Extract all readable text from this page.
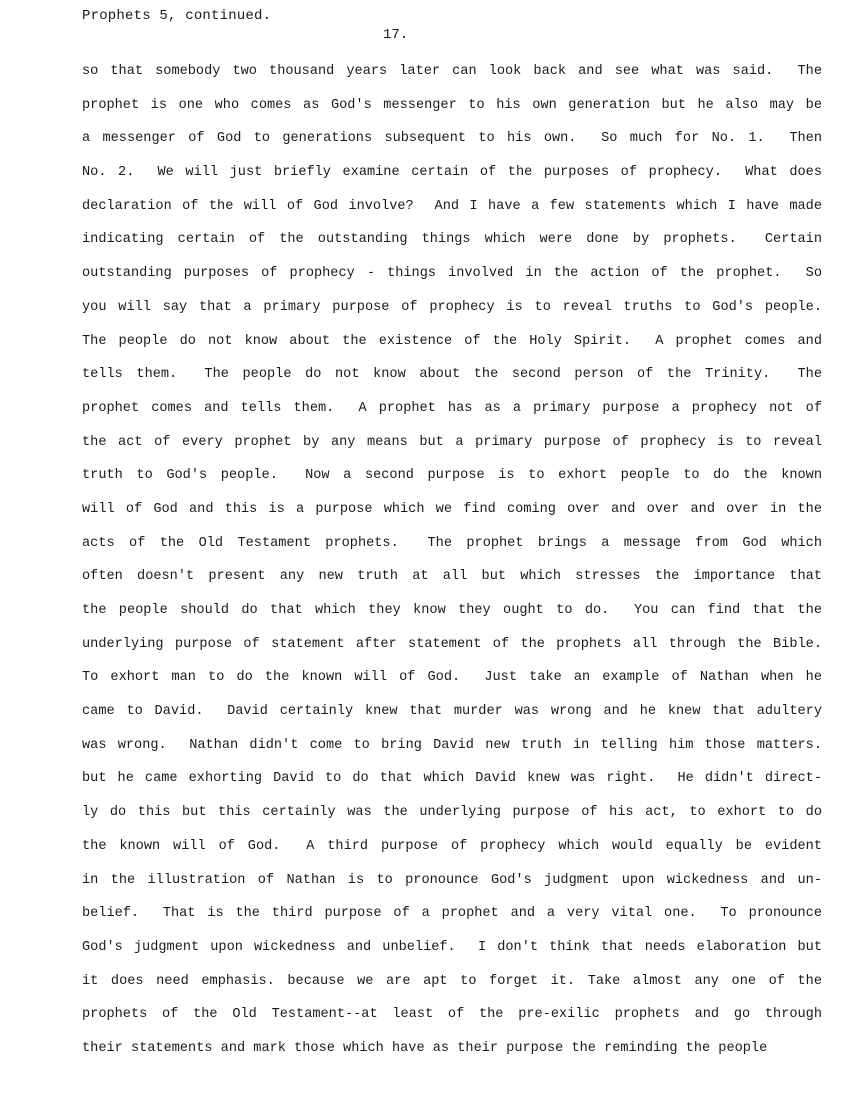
Prophets 5, continued.
17.
so that somebody two thousand years later can look back and see what was said.  The
prophet is one who comes as God's messenger to his own generation but he also may be
a messenger of God to generations subsequent to his own.  So much for No. 1.  Then
No. 2.  We will just briefly examine certain of the purposes of prophecy.  What does
declaration of the will of God involve?  And I have a few statements which I have made
indicating certain of the outstanding things which were done by prophets.  Certain
outstanding purposes of prophecy - things involved in the action of the prophet.  So
you will say that a primary purpose of prophecy is to reveal truths to God's people.
The people do not know about the existence of the Holy Spirit.  A prophet comes and
tells them.  The people do not know about the second person of the Trinity.  The
prophet comes and tells them.  A prophet has as a primary purpose a prophecy not of
the act of every prophet by any means but a primary purpose of prophecy is to reveal
truth to God's people.  Now a second purpose is to exhort people to do the known
will of God and this is a purpose which we find coming over and over and over in the
acts of the Old Testament prophets.  The prophet brings a message from God which
often doesn't present any new truth at all but which stresses the importance that
the people should do that which they know they ought to do.  You can find that the
underlying purpose of statement after statement of the prophets all through the Bible.
To exhort man to do the known will of God.  Just take an example of Nathan when he
came to David.  David certainly knew that murder was wrong and he knew that adultery
was wrong.  Nathan didn't come to bring David new truth in telling him those matters.
but he came exhorting David to do that which David knew was right.  He didn't direct-
ly do this but this certainly was the underlying purpose of his act, to exhort to do
the known will of God.  A third purpose of prophecy which would equally be evident
in the illustration of Nathan is to pronounce God's judgment upon wickedness and un-
belief.  That is the third purpose of a prophet and a very vital one.  To pronounce
God's judgment upon wickedness and unbelief.  I don't think that needs elaboration but
it does need emphasis. because we are apt to forget it. Take almost any one of the
prophets of the Old Testament--at least of the pre-exilic prophets and go through
their statements and mark those which have as their purpose the reminding the people
